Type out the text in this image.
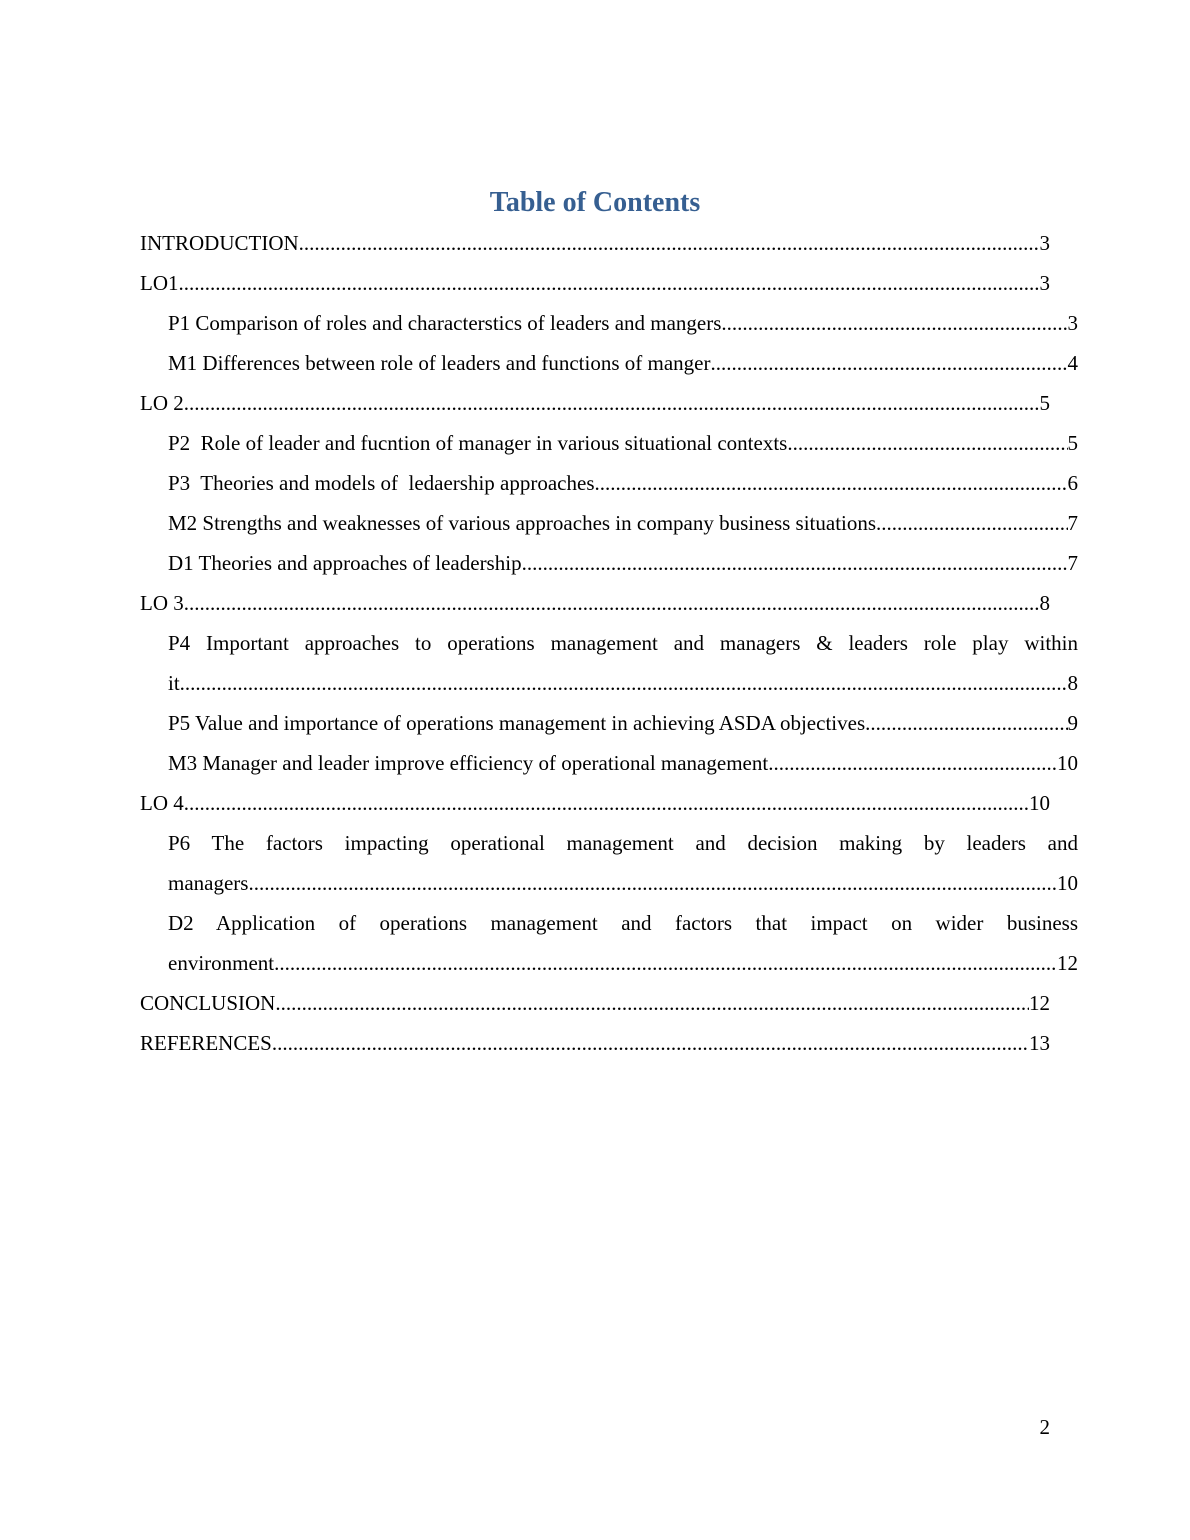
Table of Contents
INTRODUCTION .....	3
LO1 .....	3
P1 Comparison of roles and characterstics of leaders and mangers .....	3
M1 Differences between role of leaders and functions of manger .....	4
LO 2 .....	5
P2  Role of leader and fucntion of manager in various situational contexts .....	5
P3  Theories and models of  ledaership approaches .....	6
M2 Strengths and weaknesses of various approaches in company business situations .....	7
D1 Theories and approaches of leadership .....	7
LO 3 .....	8
P4 Important approaches to operations management and managers & leaders role play within
it .....	8
P5 Value and importance of operations management in achieving ASDA objectives .....	9
M3 Manager and leader improve efficiency of operational management .....	10
LO 4 .....	10
P6 The factors impacting operational management and decision making by leaders and
managers .....	10
D2 Application of operations management and factors that impact on wider business
environment .....	12
CONCLUSION .....	12
REFERENCES .....	13
2
